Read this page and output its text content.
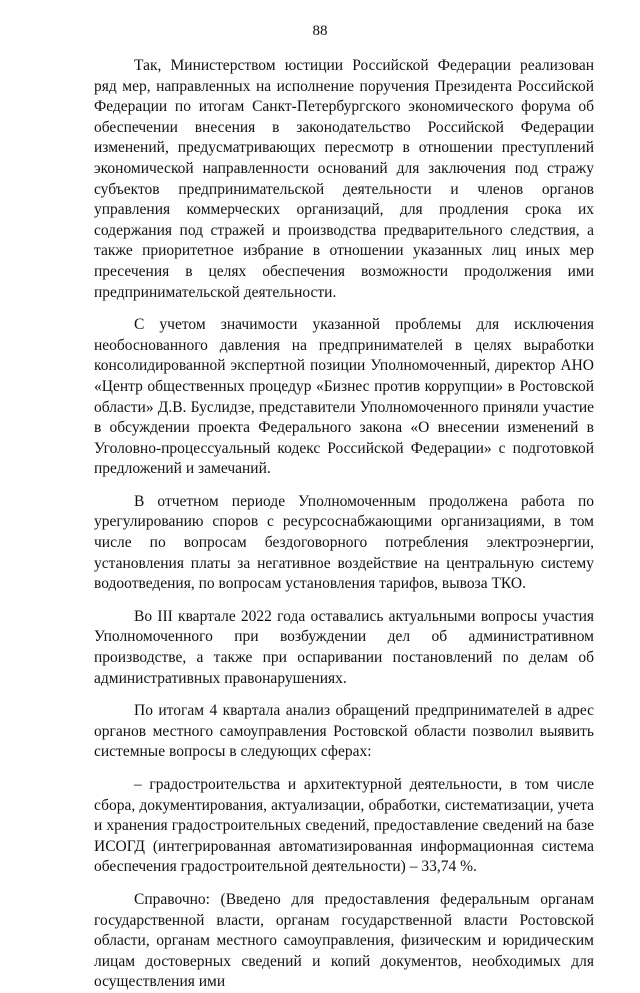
88

Так, Министерством юстиции Российской Федерации реализован ряд мер, направленных на исполнение поручения Президента Российской Федерации по итогам Санкт-Петербургского экономического форума об обеспечении внесения в законодательство Российской Федерации изменений, предусматривающих пересмотр в отношении преступлений экономической направленности оснований для заключения под стражу субъектов предпринимательской деятельности и членов органов управления коммерческих организаций, для продления срока их содержания под стражей и производства предварительного следствия, а также приоритетное избрание в отношении указанных лиц иных мер пресечения в целях обеспечения возможности продолжения ими предпринимательской деятельности.

С учетом значимости указанной проблемы для исключения необоснованного давления на предпринимателей в целях выработки консолидированной экспертной позиции Уполномоченный, директор АНО «Центр общественных процедур «Бизнес против коррупции» в Ростовской области» Д.В. Буслидзе, представители Уполномоченного приняли участие в обсуждении проекта Федерального закона «О внесении изменений в Уголовно-процессуальный кодекс Российской Федерации» с подготовкой предложений и замечаний.

В отчетном периоде Уполномоченным продолжена работа по урегулированию споров с ресурсоснабжающими организациями, в том числе по вопросам бездоговорного потребления электроэнергии, установления платы за негативное воздействие на центральную систему водоотведения, по вопросам установления тарифов, вывоза ТКО.

Во III квартале 2022 года оставались актуальными вопросы участия Уполномоченного при возбуждении дел об административном производстве, а также при оспаривании постановлений по делам об административных правонарушениях.

По итогам 4 квартала анализ обращений предпринимателей в адрес органов местного самоуправления Ростовской области позволил выявить системные вопросы в следующих сферах:

– градостроительства и архитектурной деятельности, в том числе сбора, документирования, актуализации, обработки, систематизации, учета и хранения градостроительных сведений, предоставление сведений на базе ИСОГД (интегрированная автоматизированная информационная система обеспечения градостроительной деятельности) – 33,74 %.

Справочно: (Введено для предоставления федеральным органам государственной власти, органам государственной власти Ростовской области, органам местного самоуправления, физическим и юридическим лицам достоверных сведений и копий документов, необходимых для осуществления ими
